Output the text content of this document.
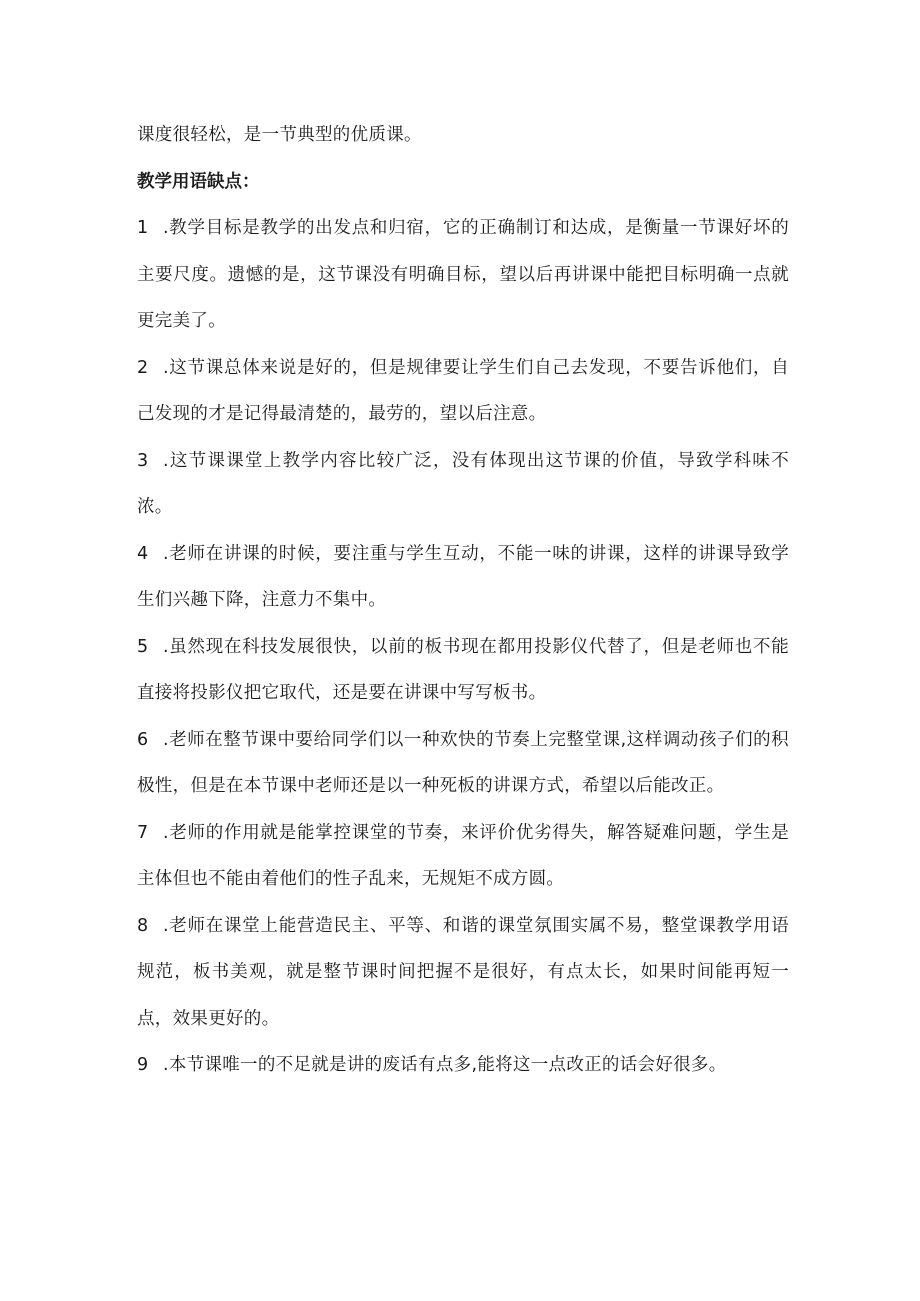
课度很轻松，是一节典型的优质课。

教学用语缺点：

1 .教学目标是教学的出发点和归宿，它的正确制订和达成，是衡量一节课好坏的主要尺度。遗憾的是，这节课没有明确目标，望以后再讲课中能把目标明确一点就更完美了。
2 .这节课总体来说是好的，但是规律要让学生们自己去发现，不要告诉他们，自己发现的才是记得最清楚的，最劳的，望以后注意。
3 .这节课课堂上教学内容比较广泛，没有体现出这节课的价值，导致学科味不浓。
4 .老师在讲课的时候，要注重与学生互动，不能一味的讲课，这样的讲课导致学生们兴趣下降，注意力不集中。
5 .虽然现在科技发展很快，以前的板书现在都用投影仪代替了，但是老师也不能直接将投影仪把它取代，还是要在讲课中写写板书。
6 .老师在整节课中要给同学们以一种欢快的节奏上完整堂课,这样调动孩子们的积极性，但是在本节课中老师还是以一种死板的讲课方式，希望以后能改正。
7 .老师的作用就是能掌控课堂的节奏，来评价优劣得失，解答疑难问题，学生是主体但也不能由着他们的性子乱来，无规矩不成方圆。
8 .老师在课堂上能营造民主、平等、和谐的课堂氛围实属不易，整堂课教学用语规范，板书美观，就是整节课时间把握不是很好，有点太长，如果时间能再短一点，效果更好的。
9 .本节课唯一的不足就是讲的废话有点多,能将这一点改正的话会好很多。
